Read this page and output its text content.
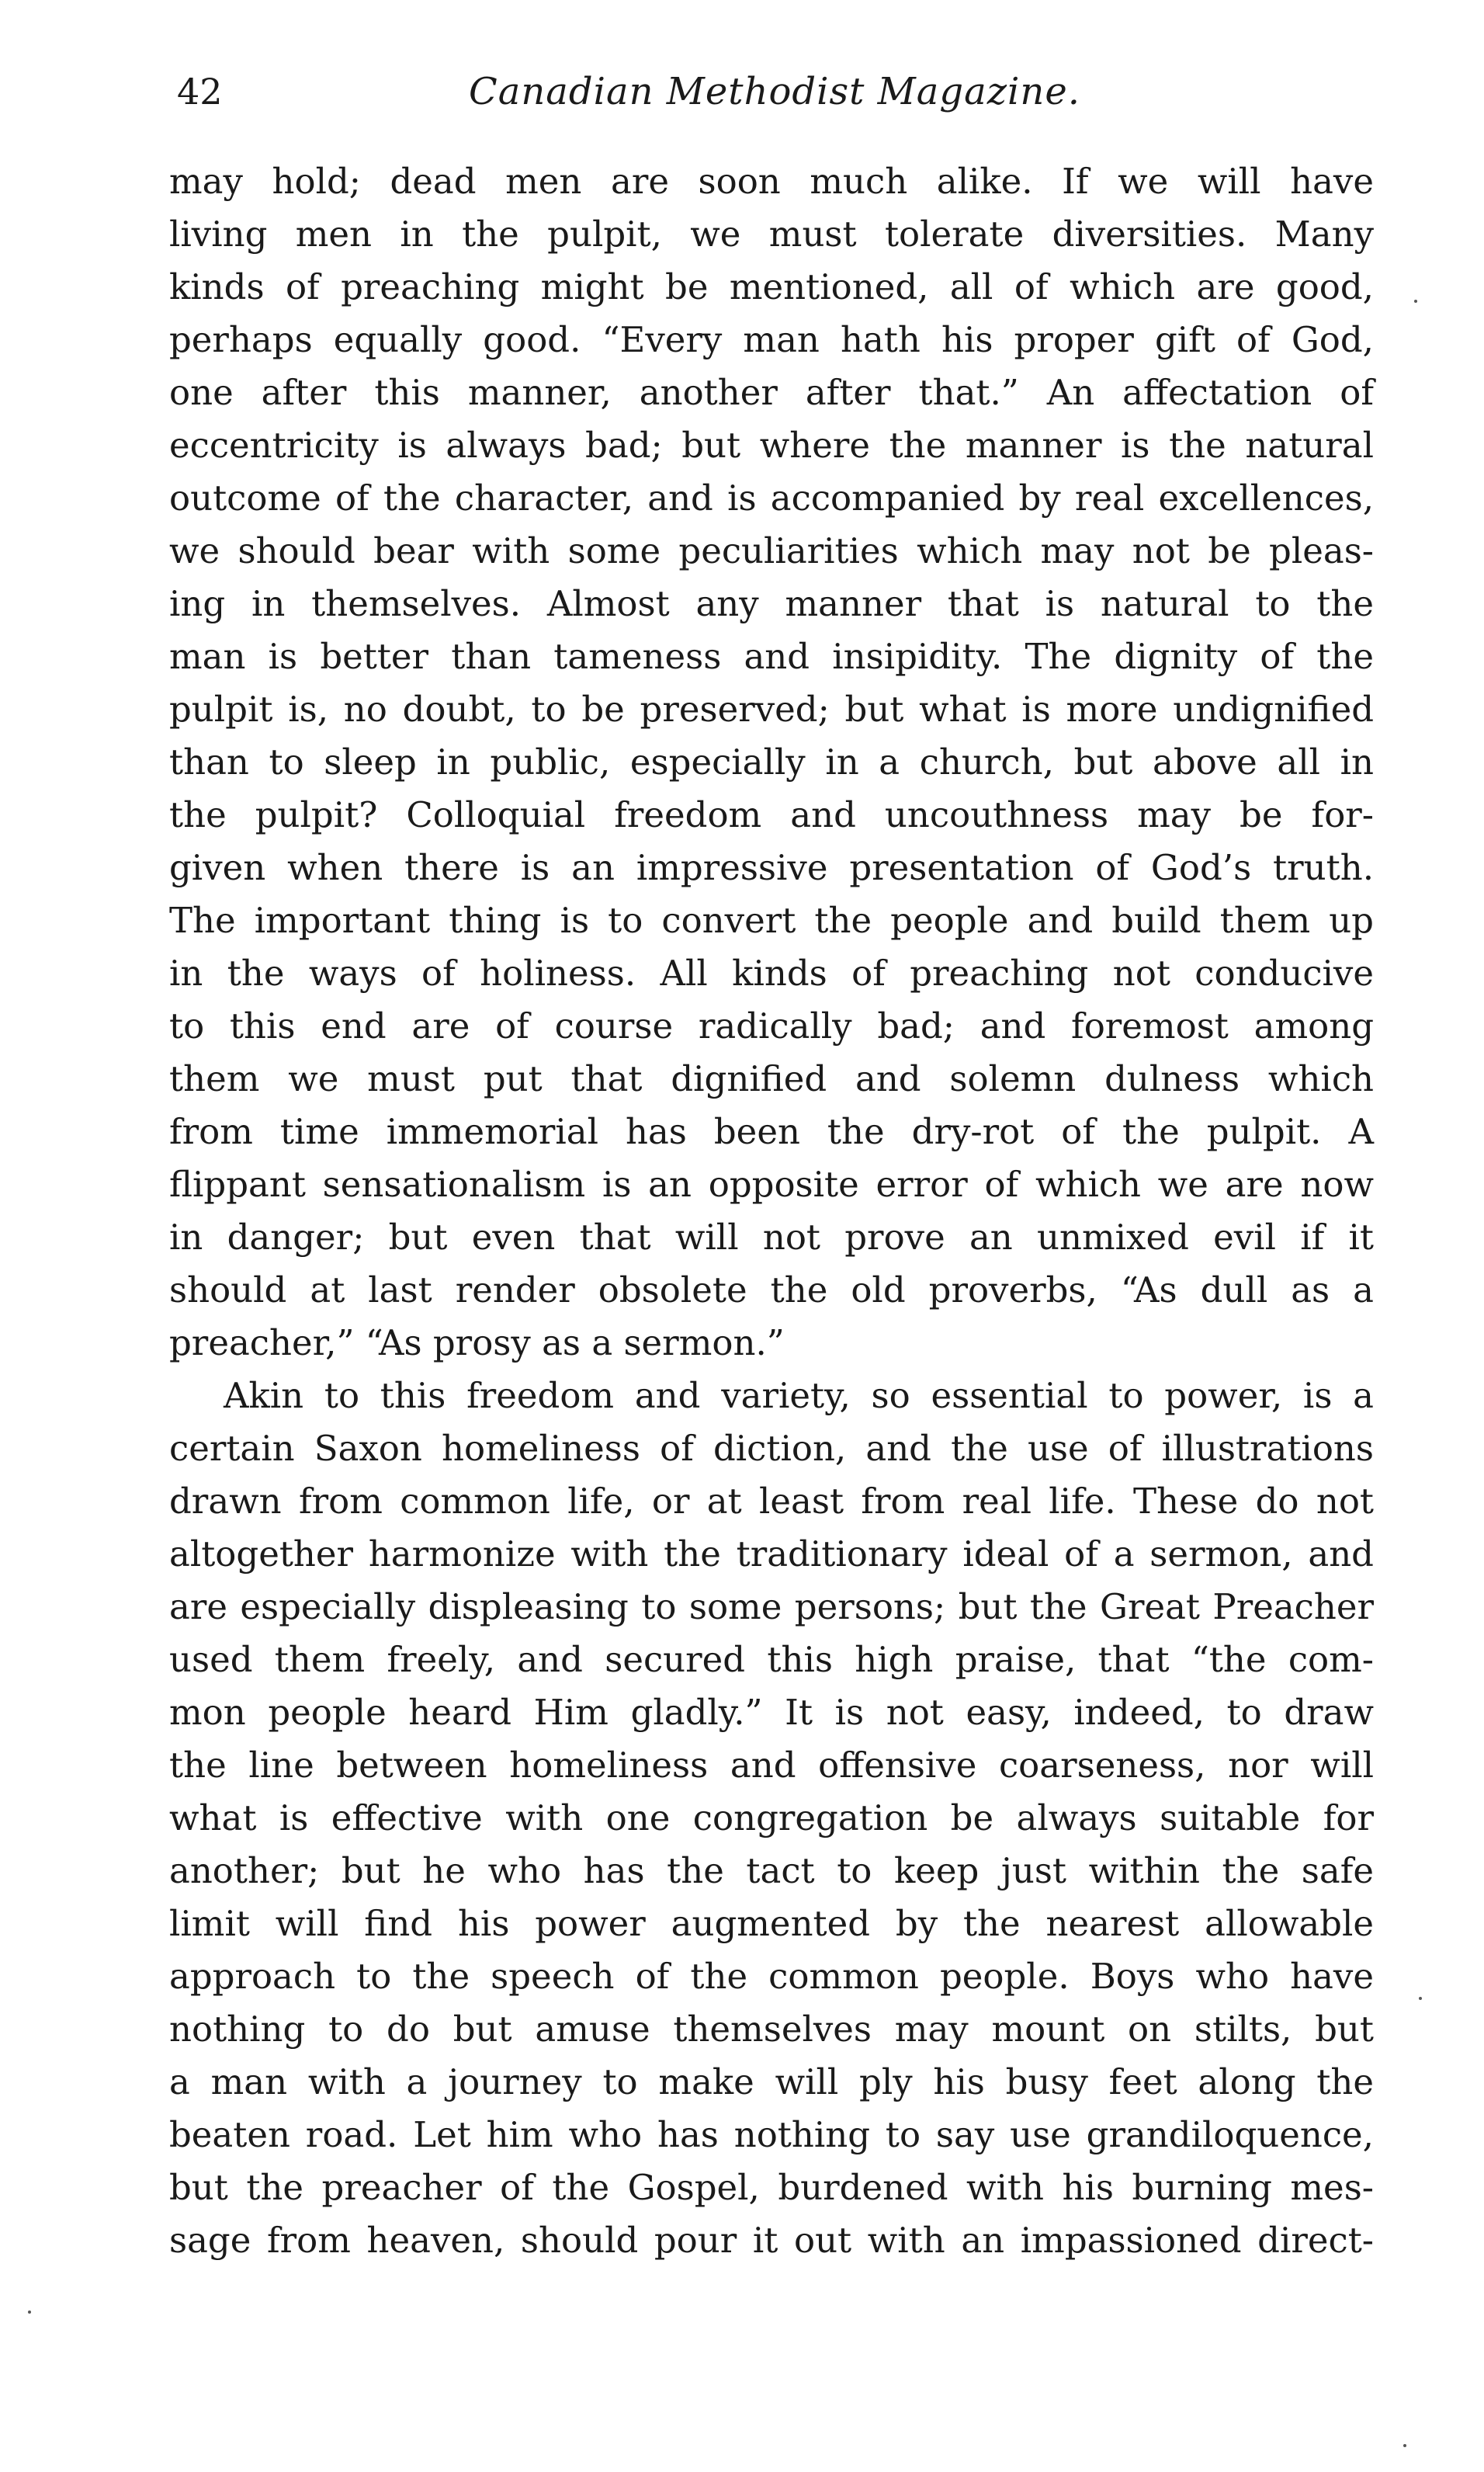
42	Canadian Methodist Magazine.
may hold; dead men are soon much alike. If we will have
living men in the pulpit, we must tolerate diversities. Many
kinds of preaching might be mentioned, all of which are good,
perhaps equally good. “Every man hath his proper gift of God,
one after this manner, another after that.” An affectation of
eccentricity is always bad; but where the manner is the natural
outcome of the character, and is accompanied by real excellences,
we should bear with some peculiarities which may not be pleas-
ing in themselves. Almost any manner that is natural to the
man is better than tameness and insipidity. The dignity of the
pulpit is, no doubt, to be preserved; but what is more undignified
than to sleep in public, especially in a church, but above all in
the pulpit? Colloquial freedom and uncouthness may be for-
given when there is an impressive presentation of God’s truth.
The important thing is to convert the people and build them up
in the ways of holiness. All kinds of preaching not conducive
to this end are of course radically bad; and foremost among
them we must put that dignified and solemn dulness which
from time immemorial has been the dry-rot of the pulpit. A
flippant sensationalism is an opposite error of which we are now
in danger; but even that will not prove an unmixed evil if it
should at last render obsolete the old proverbs, “As dull as a
preacher,” “As prosy as a sermon.”
Akin to this freedom and variety, so essential to power, is a
certain Saxon homeliness of diction, and the use of illustrations
drawn from common life, or at least from real life. These do not
altogether harmonize with the traditionary ideal of a sermon, and
are especially displeasing to some persons; but the Great Preacher
used them freely, and secured this high praise, that “the com-
mon people heard Him gladly.” It is not easy, indeed, to draw
the line between homeliness and offensive coarseness, nor will
what is effective with one congregation be always suitable for
another; but he who has the tact to keep just within the safe
limit will find his power augmented by the nearest allowable
approach to the speech of the common people. Boys who have
nothing to do but amuse themselves may mount on stilts, but
a man with a journey to make will ply his busy feet along the
beaten road. Let him who has nothing to say use grandiloquence,
but the preacher of the Gospel, burdened with his burning mes-
sage from heaven, should pour it out with an impassioned direct-
